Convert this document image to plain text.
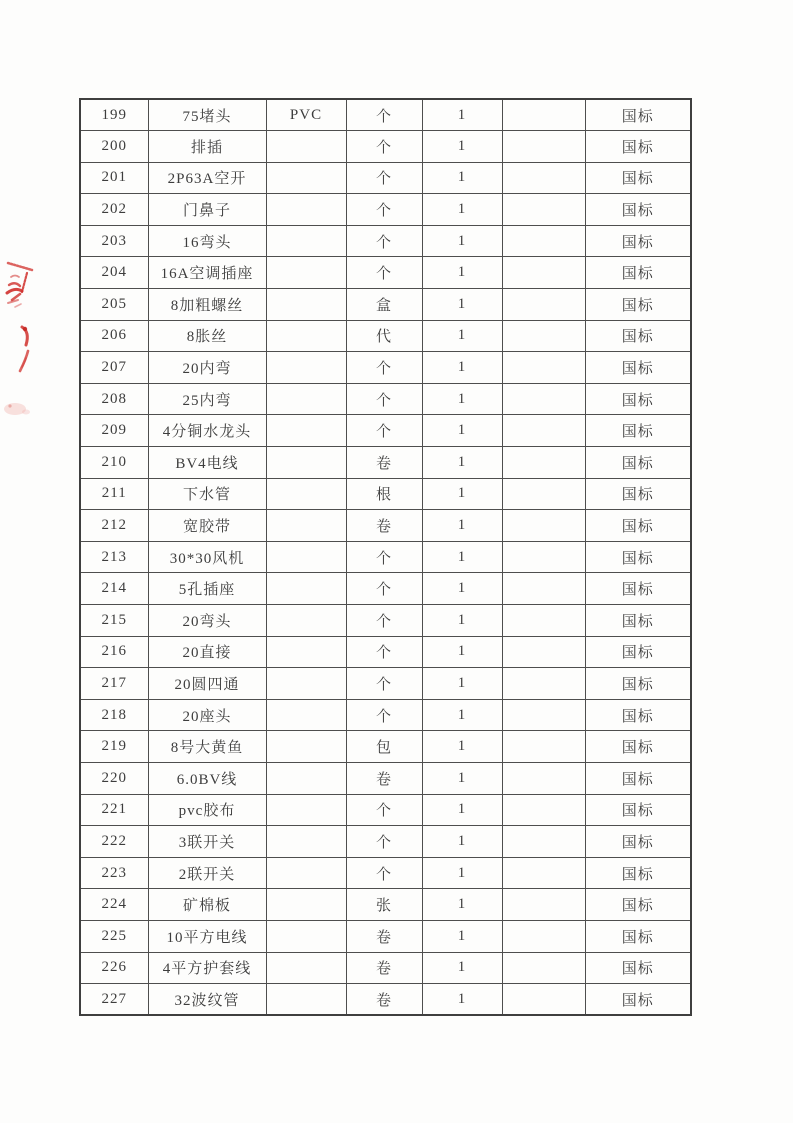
199	75堵头	PVC	个	1		国标
200	排插		个	1		国标
201	2P63A空开		个	1		国标
202	门鼻子		个	1		国标
203	16弯头		个	1		国标
204	16A空调插座		个	1		国标
205	8加粗螺丝		盒	1		国标
206	8胀丝		代	1		国标
207	20内弯		个	1		国标
208	25内弯		个	1		国标
209	4分铜水龙头		个	1		国标
210	BV4电线		卷	1		国标
211	下水管		根	1		国标
212	宽胶带		卷	1		国标
213	30*30风机		个	1		国标
214	5孔插座		个	1		国标
215	20弯头		个	1		国标
216	20直接		个	1		国标
217	20圆四通		个	1		国标
218	20座头		个	1		国标
219	8号大黄鱼		包	1		国标
220	6.0BV线		卷	1		国标
221	pvc胶布		个	1		国标
222	3联开关		个	1		国标
223	2联开关		个	1		国标
224	矿棉板		张	1		国标
225	10平方电线		卷	1		国标
226	4平方护套线		卷	1		国标
227	32波纹管		卷	1		国标
